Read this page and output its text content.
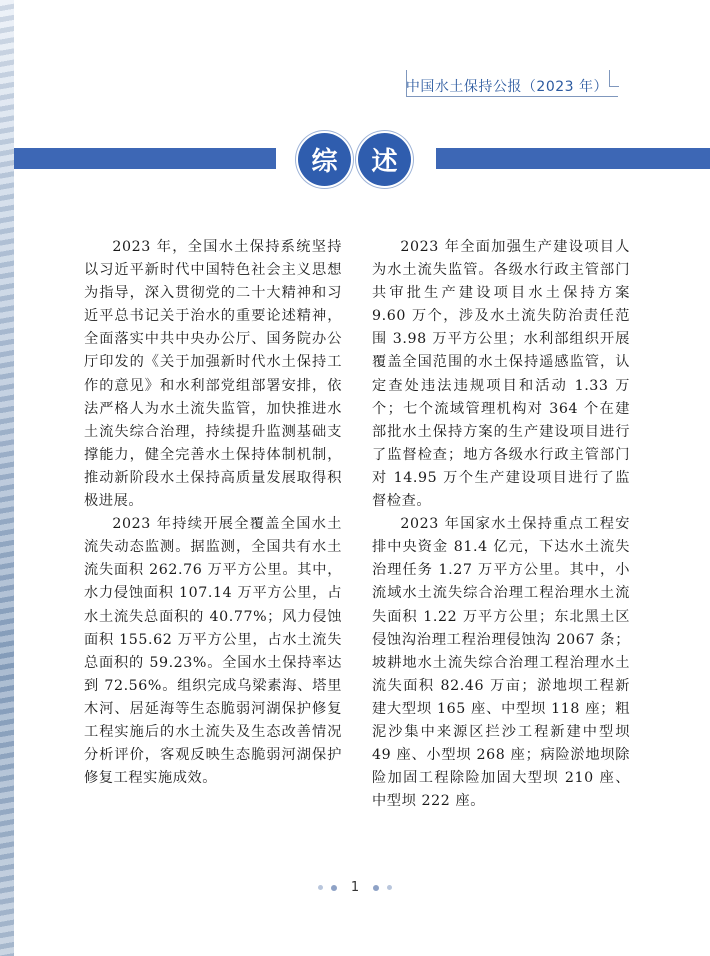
中国水土保持公报（2023 年）
综	述

2023 年，全国水土保持系统坚持以习近平新时代中国特色社会主义思想为指导，深入贯彻党的二十大精神和习近平总书记关于治水的重要论述精神，全面落实中共中央办公厅、国务院办公厅印发的《关于加强新时代水土保持工作的意见》和水利部党组部署安排，依法严格人为水土流失监管，加快推进水土流失综合治理，持续提升监测基础支撑能力，健全完善水土保持体制机制，推动新阶段水土保持高质量发展取得积极进展。

2023 年持续开展全覆盖全国水土流失动态监测。据监测，全国共有水土流失面积 262.76 万平方公里。其中，水力侵蚀面积 107.14 万平方公里，占水土流失总面积的 40.77%；风力侵蚀面积 155.62 万平方公里，占水土流失总面积的 59.23%。全国水土保持率达到 72.56%。组织完成乌梁素海、塔里木河、居延海等生态脆弱河湖保护修复工程实施后的水土流失及生态改善情况分析评价，客观反映生态脆弱河湖保护修复工程实施成效。

2023 年全面加强生产建设项目人为水土流失监管。各级水行政主管部门共审批生产建设项目水土保持方案 9.60 万个，涉及水土流失防治责任范围 3.98 万平方公里；水利部组织开展覆盖全国范围的水土保持遥感监管，认定查处违法违规项目和活动 1.33 万个；七个流域管理机构对 364 个在建部批水土保持方案的生产建设项目进行了监督检查；地方各级水行政主管部门对 14.95 万个生产建设项目进行了监督检查。

2023 年国家水土保持重点工程安排中央资金 81.4 亿元，下达水土流失治理任务 1.27 万平方公里。其中，小流域水土流失综合治理工程治理水土流失面积 1.22 万平方公里；东北黑土区侵蚀沟治理工程治理侵蚀沟 2067 条；坡耕地水土流失综合治理工程治理水土流失面积 82.46 万亩；淤地坝工程新建大型坝 165 座、中型坝 118 座；粗泥沙集中来源区拦沙工程新建中型坝 49 座、小型坝 268 座；病险淤地坝除险加固工程除险加固大型坝 210 座、中型坝 222 座。

1
